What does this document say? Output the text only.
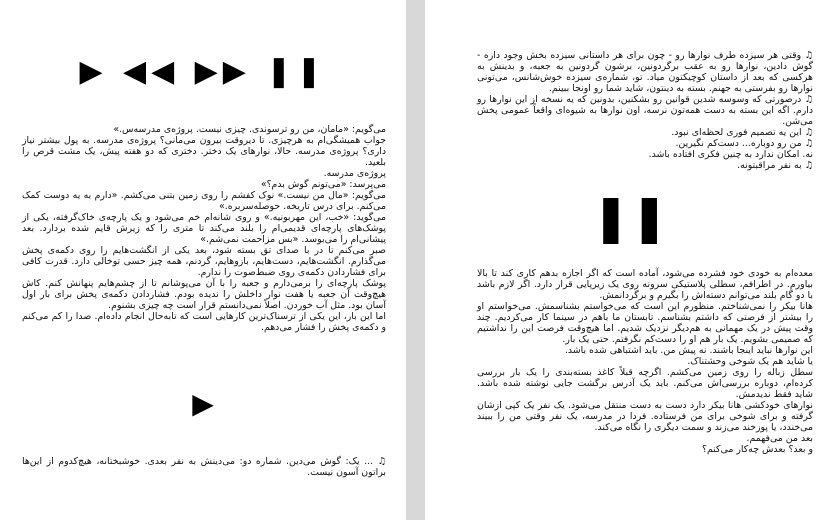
▶ ◀◀ ▶▶ ❚❚
می‌گویم: «مامان، من رو ترسوندی. چیزی نیست. پروژه‌ی مدرسه‌س.»
جواب همیشگی‌ام به هرچیزی. تا دیروقت بیرون می‌مانی؟ پروژه‌ی مدرسه. به پول بیشتر نیاز داری؟ پروژه‌ی مدرسه. حالا، نوارهای یک دختر. دختری که دو هفته پیش، یک مشت قرص را بلعید.
پروژه‌ی مدرسه.
می‌پرسد: «می‌تونم گوش بدم؟»
می‌گویم: «مال من نیست.» نوک کفشم را روی زمین بتنی می‌کشم. «دارم به یه دوست کمک می‌کنم. برای درس تاریخه. حوصله‌سربره.»
می‌گوید: «خب، این مهربونیه.» و روی شانه‌ام خم می‌شود و یک پارچه‌ی خاک‌گرفته، یکی از پوشک‌های پارچه‌ای قدیمی‌ام را بلند می‌کند تا متری را که زیرش قایم شده بردارد. بعد پیشانی‌ام را می‌بوسد. «بس مزاحمت نمی‌شم.»
صبر می‌کنم تا در با صدای تق بسته شود، بعد یکی از انگشت‌هایم را روی دکمه‌ی پخش می‌گذارم. انگشت‌هایم، دست‌هایم، بازوهایم، گردنم، همه چیز حسی توخالی دارد. قدرت کافی برای فشاردادن دکمه‌ی روی ضبط‌صوت را ندارم.
پوشک پارچه‌ای را برمی‌دارم و جعبه را با آن می‌پوشانم تا از چشم‌هایم پنهانش کنم. کاش هیچ‌وقت آن جعبه یا هفت نوار داخلش را ندیده بودم. فشاردادن دکمه‌ی پخش برای بار اول آسان بود. مثل آب خوردن. اصلاً نمی‌دانستم قرار است چه چیزی بشنوم.
اما این بار، این یکی از ترسناک‌ترین کارهایی است که تابه‌حال انجام داده‌ام. صدا را کم می‌کنم و دکمه‌ی پخش را فشار می‌دهم.
▶
♫ ... یک: گوش می‌دین. شماره دو: می‌دینش به نفر بعدی. خوشبختانه، هیچ‌کدوم از این‌ها براتون آسون نیست.
♫ وقتی هر سیزده طرف نوارها رو - چون برای هر داستانی سیزده بخش وجود داره - گوش دادین، نوارها رو به عقب برگردونین، برشون گردونین به جعبه، و بدینش به هرکسی که بعد از داستان کوچیکتون میاد. تو، شماره‌ی سیزده خوش‌شانس، می‌تونی نوارها رو بفرستی به جهنم. بسته به دینتون، شاید شما رو اونجا ببینم.
♫ درصورتی که وسوسه شدین قوانین رو بشکنین، بدونین که یه نسخه از این نوارها رو دارم. اگه این بسته به دست همه‌تون نرسه، اون نوارها به شیوه‌ای واقعاً عمومی پخش می‌شن.
♫ این یه تصمیم فوری لحظه‌ای نبود.
♫ من رو دوباره... دست‌کم نگیرین.
نه. امکان ندارد به چنین فکری افتاده باشد.
♫ به نفر مراقبتونه.
❚❚
معده‌ام به خودی خود فشرده می‌شود، آماده است که اگر اجازه بدهم کاری کند تا بالا بیاورم. در اطرافم، سطلی پلاستیکی سرونه روی یک زیرپایی قرار دارد. اگر لازم باشد با دو گام بلند می‌توانم دسته‌اش را بگیرم و برگردانمش.
هانا بیکر را نمی‌شناختم. منظورم این است که می‌خواستم بشناسمش. می‌خواستم او را بیشتر از فرصتی که داشتم بشناسم. تابستان ما باهم در سینما کار می‌کردیم. چند وقت پیش در یک مهمانی به هم‌دیگر نزدیک شدیم. اما هیچ‌وقت فرصت این را نداشتیم که صمیمی بشویم. یک بار هم او را دست‌کم نگرفتم. حتی یک بار.
این نوارها نباید اینجا باشند. نه پیش من. باید اشتباهی شده باشد.
یا شاید هم یک شوخی وحشتناک.
سطل زباله را روی زمین می‌کشم. اگرچه قبلاً کاغذ بسته‌بندی را یک بار بررسی کرده‌ام، دوباره بررسی‌اش می‌کنم. باید یک آدرس برگشت جایی نوشته شده باشد. شاید فقط ندیدمش.
نوارهای خودکشی هانا بیکر دارد دست به دست منتقل می‌شود. یک نفر یک کپی ازشان گرفته و برای شوخی برای من فرستاده. فردا در مدرسه، یک نفر وقتی من را ببیند می‌خندد، یا پوزخند می‌زند و سمت دیگری را نگاه می‌کند.
بعد من می‌فهمم.
و بعد؟ بعدش چه‌کار می‌کنم؟
